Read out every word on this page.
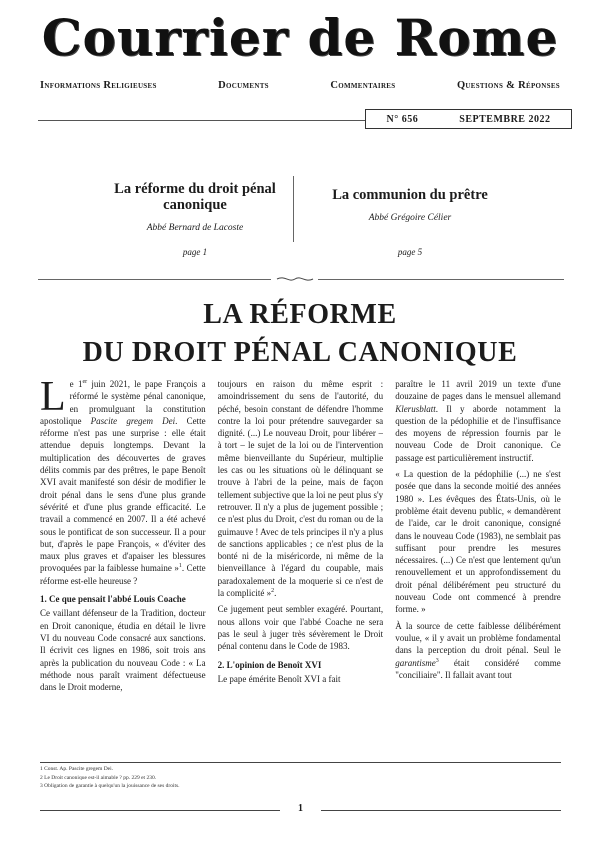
Courrier de Rome
Informations Religieuses	Documents	Commentaires	Questions & Réponses
N° 656	SEPTEMBRE 2022
La réforme du droit pénal canonique
Abbé Bernard de Lacoste
page 1
La communion du prêtre
Abbé Grégoire Célier
page 5
LA RÉFORME
DU DROIT PÉNAL CANONIQUE

Le 1er juin 2021, le pape François a réformé le système pénal canonique, en promulguant la constitution apostolique Pascite gregem Dei. Cette réforme n'est pas une surprise : elle était attendue depuis longtemps. Devant la multiplication des découvertes de graves délits commis par des prêtres, le pape Benoît XVI avait manifesté son désir de modifier le droit pénal dans le sens d'une plus grande sévérité et d'une plus grande efficacité. Le travail a commencé en 2007. Il a été achevé sous le pontificat de son successeur. Il a pour but, d'après le pape François, « d'éviter des maux plus graves et d'apaiser les blessures provoquées par la faiblesse humaine »$^1$. Cette réforme est-elle heureuse ?

1. Ce que pensait l'abbé Louis Coache

Ce vaillant défenseur de la Tradition, docteur en Droit canonique, étudia en détail le livre VI du nouveau Code consacré aux sanctions. Il écrivit ces lignes en 1986, soit trois ans après la publication du nouveau Code : « La méthode nous paraît vraiment défectueuse dans le Droit moderne,

toujours en raison du même esprit : amoindrissement du sens de l'autorité, du péché, besoin constant de défendre l'homme contre la loi pour prétendre sauvegarder sa dignité. (...) Le nouveau Droit, pour libérer – à tort – le sujet de la loi ou de l'intervention même bienveillante du Supérieur, multiplie les cas ou les situations où le délinquant se trouve à l'abri de la peine, mais de façon tellement subjective que la loi ne peut plus s'y retrouver. Il n'y a plus de jugement possible ; ce n'est plus du Droit, c'est du roman ou de la guimauve ! Avec de tels principes il n'y a plus de sanctions applicables ; ce n'est plus de la bonté ni de la miséricorde, ni même de la bienveillance à l'égard du coupable, mais paradoxalement de la moquerie si ce n'est de la complicité »$^2$.

Ce jugement peut sembler exagéré. Pourtant, nous allons voir que l'abbé Coache ne sera pas le seul à juger très sévèrement le Droit pénal contenu dans le Code de 1983.

2. L'opinion de Benoît XVI

Le pape émérite Benoît XVI a fait

paraître le 11 avril 2019 un texte d'une douzaine de pages dans le mensuel allemand Klerusblatt. Il y aborde notamment la question de la pédophilie et de l'insuffisance des moyens de répression fournis par le nouveau Code de Droit canonique. Ce passage est particulièrement instructif.

« La question de la pédophilie (...) ne s'est posée que dans la seconde moitié des années 1980 ». Les évêques des États-Unis, où le problème était devenu public, « demandèrent de l'aide, car le droit canonique, consigné dans le nouveau Code (1983), ne semblait pas suffisant pour prendre les mesures nécessaires. (...) Ce n'est que lentement qu'un renouvellement et un approfondissement du droit pénal délibérément peu structuré du nouveau Code ont commencé à prendre forme. »

À la source de cette faiblesse délibérément voulue, « il y avait un problème fondamental dans la perception du droit pénal. Seul le garantisme$^3$ était considéré comme "conciliaire". Il fallait avant tout

1 Const. Ap. Pascite gregem Dei.
2 Le Droit canonique est-il aimable ? pp. 229 et 230.
3 Obligation de garantie à quelqu'un la jouissance de ses droits.
1
